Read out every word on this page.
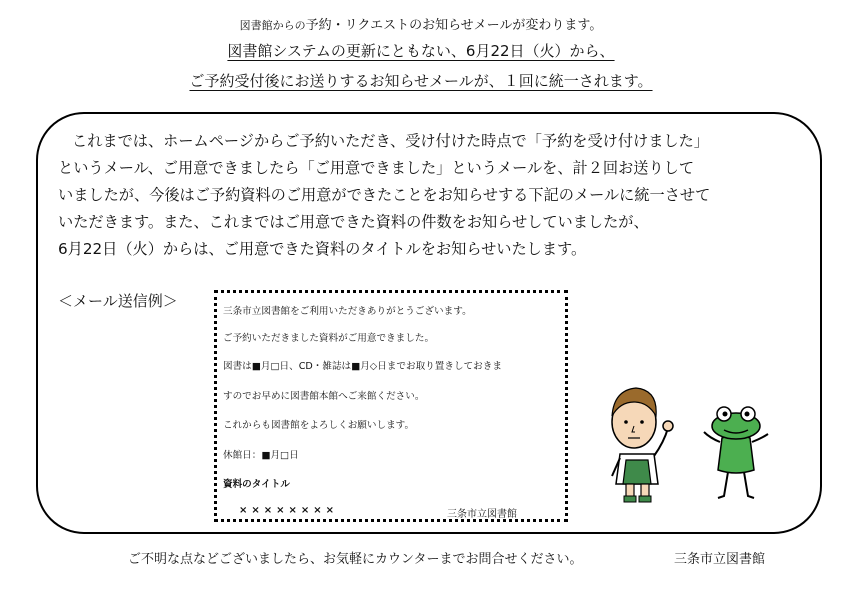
図書館からの予約・リクエストのお知らせメールが変わります。
図書館システムの更新にともない、6月22日（火）から、
ご予約受付後にお送りするお知らせメールが、１回に統一されます。
これまでは、ホームページからご予約いただき、受け付けた時点で「予約を受け付けました」
というメール、ご用意できましたら「ご用意できました」というメールを、計２回お送りして
いましたが、今後はご予約資料のご用意ができたことをお知らせする下記のメールに統一させて
いただきます。また、これまではご用意できた資料の件数をお知らせしていましたが、
6月22日（火）からは、ご用意できた資料のタイトルをお知らせいたします。
＜メール送信例＞
三条市立図書館をご利用いただきありがとうございます。
ご予約いただきました資料がご用意できました。
図書は■月□日、CD・雑誌は■月◇日までお取り置きしておきま
すのでお早めに図書館本館へご来館ください。
これからも図書館をよろしくお願いします。
休館日：■月□日
資料のタイトル
××××××××	三条市立図書館
ご不明な点などございましたら、お気軽にカウンターまでお問合せください。	三条市立図書館
